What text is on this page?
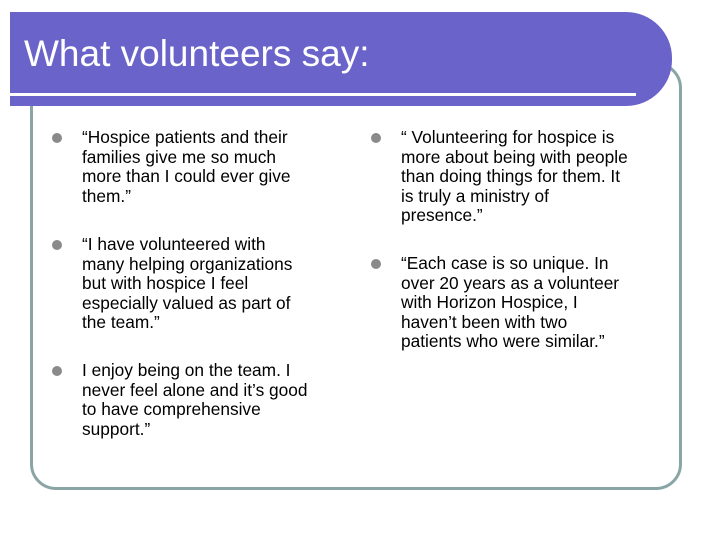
What volunteers say:
“Hospice patients and their
families give me so much
more than I could ever give
them.”
“I have volunteered with
many helping organizations
but with hospice I feel
especially valued as part of
the team.”
I enjoy being on the team. I
never feel alone and it’s good
to have comprehensive
support.”
“ Volunteering for hospice is
more about being with people
than doing things for them. It
is truly a ministry of
presence.”
“Each case is so unique. In
over 20 years as a volunteer
with Horizon Hospice, I
haven’t been with two
patients who were similar.”
